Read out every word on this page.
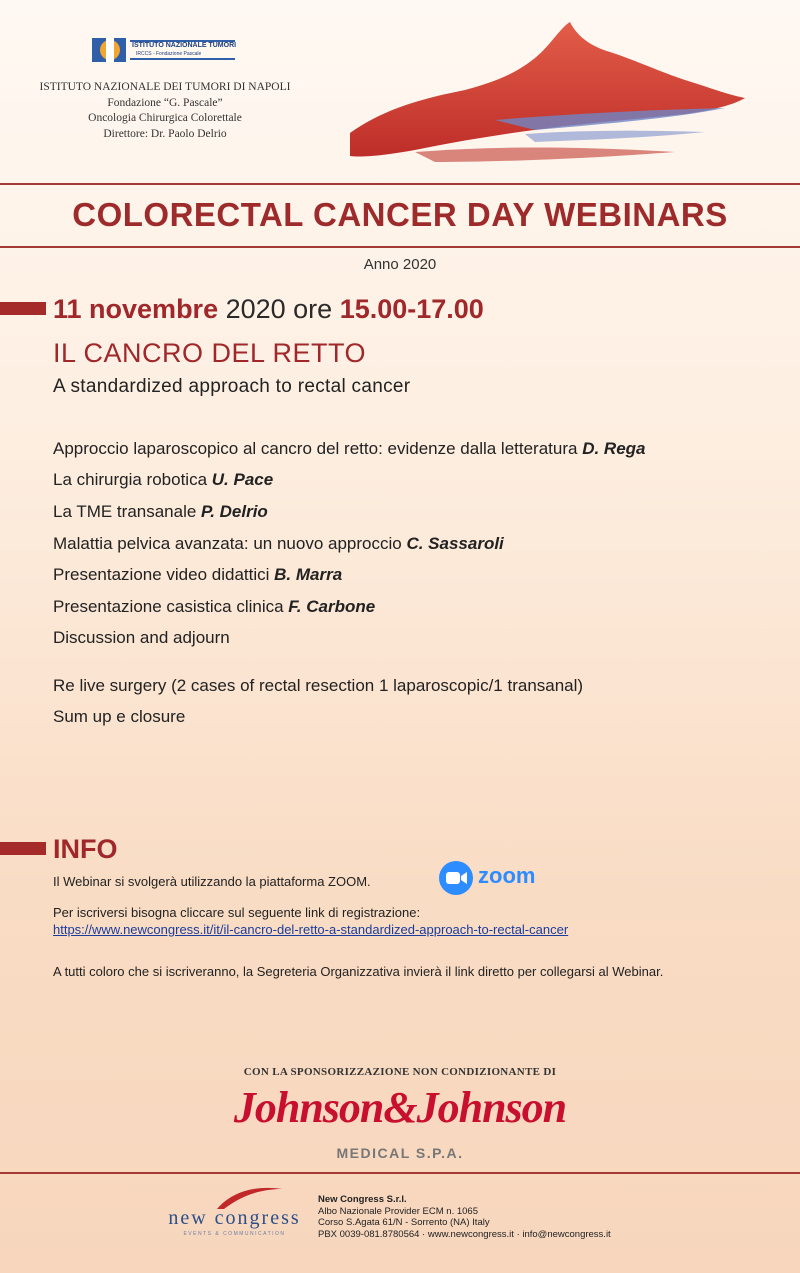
ISTITUTO NAZIONALE TUMORI
IRCCS - Fondazione Pascale
ISTITUTO NAZIONALE DEI TUMORI DI NAPOLI
Fondazione “G. Pascale”
Oncologia Chirurgica Colorettale
Direttore: Dr. Paolo Delrio
COLORECTAL CANCER DAY WEBINARS
Anno 2020
11 novembre 2020 ore 15.00-17.00
IL CANCRO DEL RETTO
A standardized approach to rectal cancer
Approccio laparoscopico al cancro del retto: evidenze dalla letteratura D. Rega
La chirurgia robotica U. Pace
La TME transanale P. Delrio
Malattia pelvica avanzata: un nuovo approccio C. Sassaroli
Presentazione video didattici B. Marra
Presentazione casistica clinica F. Carbone
Discussion and adjourn
Re live surgery (2 cases of rectal resection 1 laparoscopic/1 transanal)
Sum up e closure
INFO
Il Webinar si svolgerà utilizzando la piattaforma ZOOM.	zoom
Per iscriversi bisogna cliccare sul seguente link di registrazione:
https://www.newcongress.it/it/il-cancro-del-retto-a-standardized-approach-to-rectal-cancer
A tutti coloro che si iscriveranno, la Segreteria Organizzativa invierà il link diretto per collegarsi al Webinar.
CON LA SPONSORIZZAZIONE NON CONDIZIONANTE DI
Johnson&Johnson
MEDICAL S.P.A.
new congress
EVENTS & COMMUNICATION
New Congress S.r.l.
Albo Nazionale Provider ECM n. 1065
Corso S.Agata 61/N - Sorrento (NA) Italy
PBX 0039-081.8780564 · www.newcongress.it · info@newcongress.it
